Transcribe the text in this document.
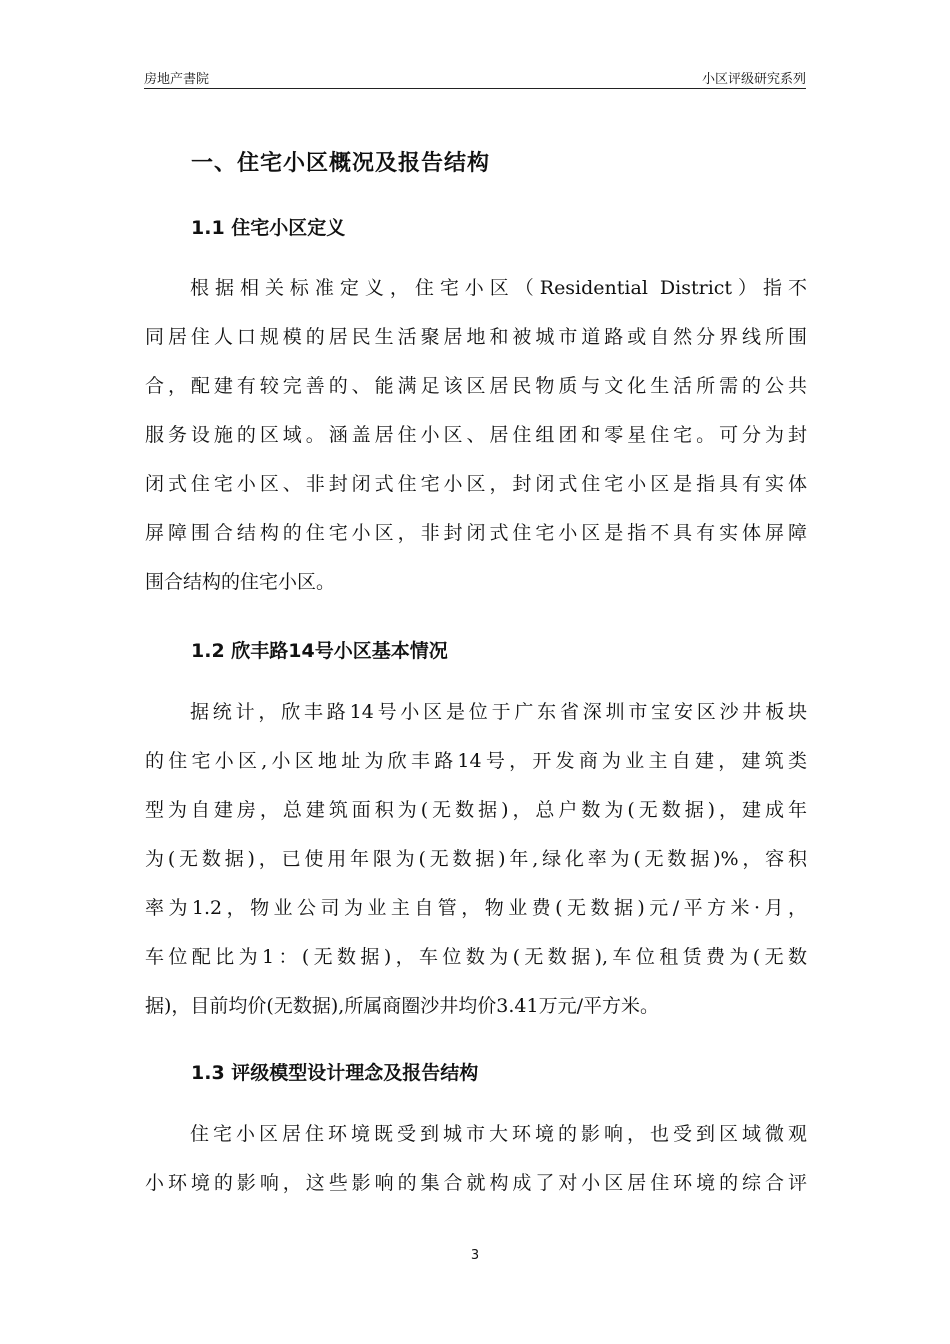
房地产書院	小区评级研究系列
一、住宅小区概况及报告结构
1.1 住宅小区定义
根据相关标准定义，住宅小区（Residential District）指不
同居住人口规模的居民生活聚居地和被城市道路或自然分界线所围
合，配建有较完善的、能满足该区居民物质与文化生活所需的公共
服务设施的区域。涵盖居住小区、居住组团和零星住宅。可分为封
闭式住宅小区、非封闭式住宅小区，封闭式住宅小区是指具有实体
屏障围合结构的住宅小区，非封闭式住宅小区是指不具有实体屏障
围合结构的住宅小区。
1.2 欣丰路14号小区基本情况
据统计，欣丰路14号小区是位于广东省深圳市宝安区沙井板块
的住宅小区,小区地址为欣丰路14号，开发商为业主自建，建筑类
型为自建房，总建筑面积为(无数据)，总户数为(无数据)，建成年
为(无数据)，已使用年限为(无数据)年,绿化率为(无数据)%，容积
率为1.2，物业公司为业主自管，物业费(无数据)元/平方米·月，
车位配比为1：(无数据)，车位数为(无数据),车位租赁费为(无数
据)，目前均价(无数据),所属商圈沙井均价3.41万元/平方米。
1.3 评级模型设计理念及报告结构
住宅小区居住环境既受到城市大环境的影响，也受到区域微观
小环境的影响，这些影响的集合就构成了对小区居住环境的综合评
3
